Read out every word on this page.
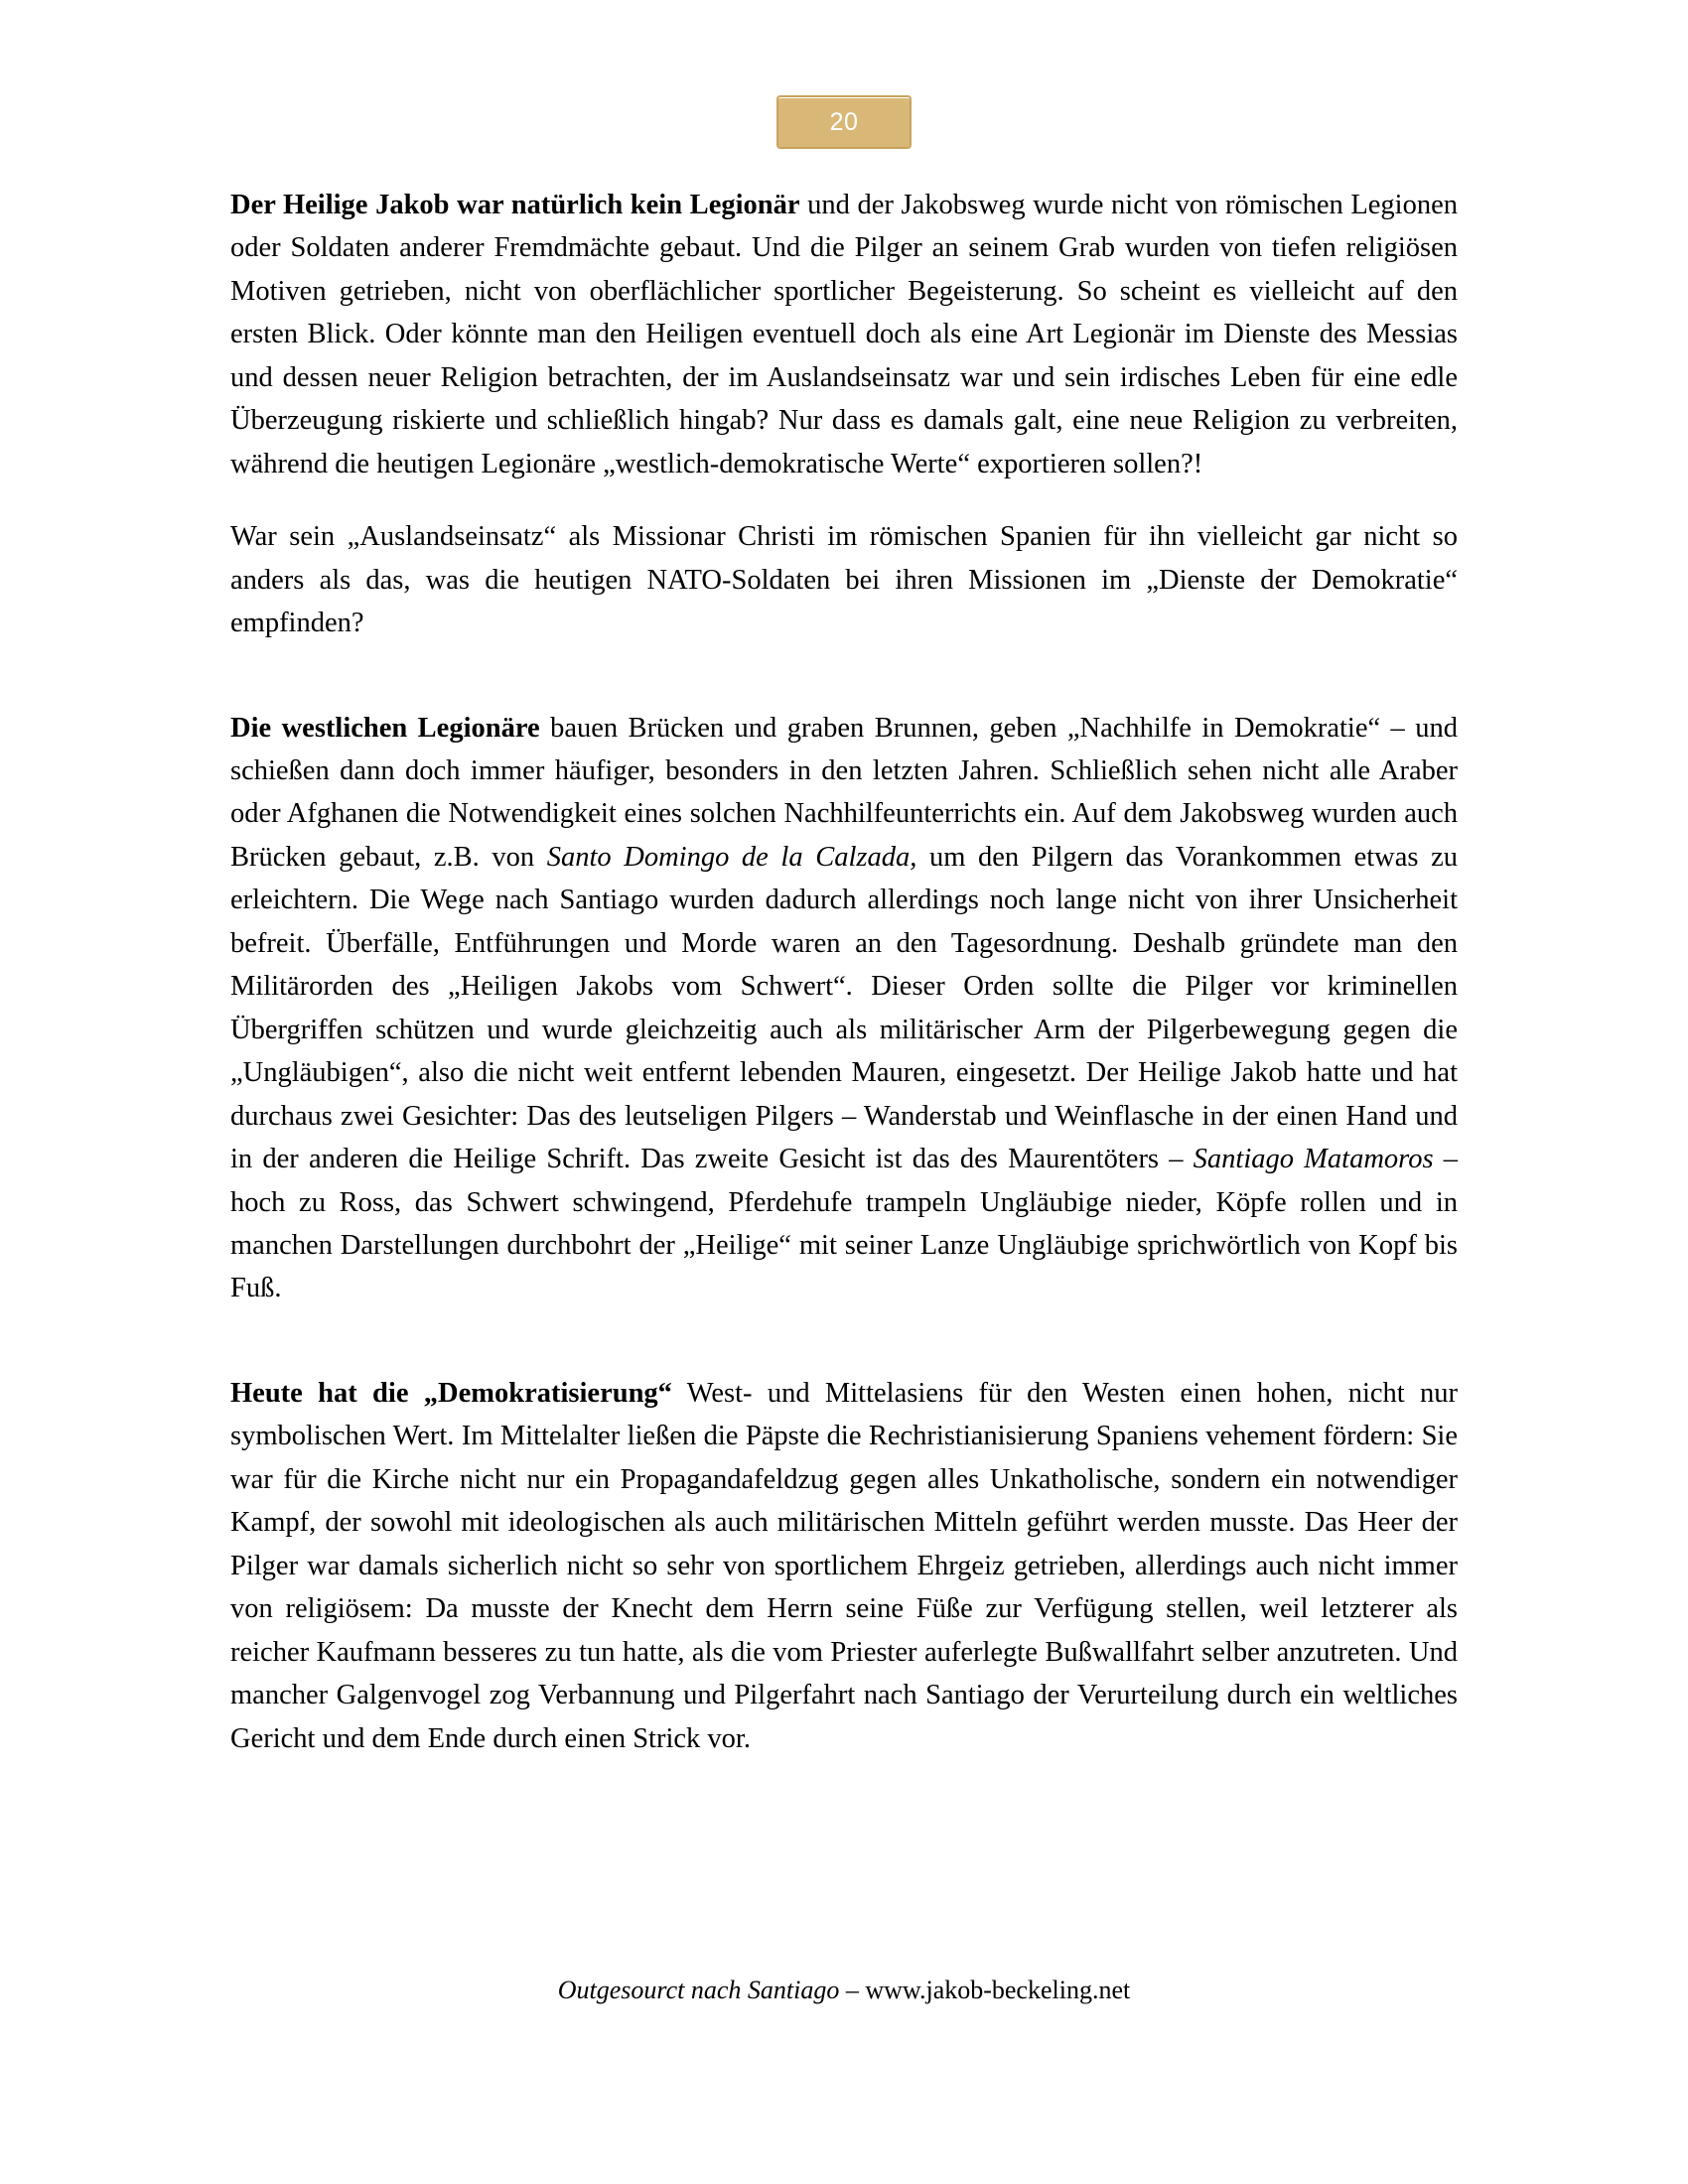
20

Der Heilige Jakob war natürlich kein Legionär und der Jakobsweg wurde nicht von römischen Legionen oder Soldaten anderer Fremdmächte gebaut. Und die Pilger an seinem Grab wurden von tiefen religiösen Motiven getrieben, nicht von oberflächlicher sportlicher Begeisterung. So scheint es vielleicht auf den ersten Blick. Oder könnte man den Heiligen eventuell doch als eine Art Legionär im Dienste des Messias und dessen neuer Religion betrachten, der im Auslandseinsatz war und sein irdisches Leben für eine edle Überzeugung riskierte und schließlich hingab? Nur dass es damals galt, eine neue Religion zu verbreiten, während die heutigen Legionäre „westlich-demokratische Werte“ exportieren sollen?!

War sein „Auslandseinsatz“ als Missionar Christi im römischen Spanien für ihn vielleicht gar nicht so anders als das, was die heutigen NATO-Soldaten bei ihren Missionen im „Dienste der Demokratie“ empfinden?

Die westlichen Legionäre bauen Brücken und graben Brunnen, geben „Nachhilfe in Demokratie“ – und schießen dann doch immer häufiger, besonders in den letzten Jahren. Schließlich sehen nicht alle Araber oder Afghanen die Notwendigkeit eines solchen Nachhilfeunterrichts ein. Auf dem Jakobsweg wurden auch Brücken gebaut, z.B. von Santo Domingo de la Calzada, um den Pilgern das Vorankommen etwas zu erleichtern. Die Wege nach Santiago wurden dadurch allerdings noch lange nicht von ihrer Unsicherheit befreit. Überfälle, Entführungen und Morde waren an den Tagesordnung. Deshalb gründete man den Militärorden des „Heiligen Jakobs vom Schwert“. Dieser Orden sollte die Pilger vor kriminellen Übergriffen schützen und wurde gleichzeitig auch als militärischer Arm der Pilgerbewegung gegen die „Ungläubigen“, also die nicht weit entfernt lebenden Mauren, eingesetzt. Der Heilige Jakob hatte und hat durchaus zwei Gesichter: Das des leutseligen Pilgers – Wanderstab und Weinflasche in der einen Hand und in der anderen die Heilige Schrift. Das zweite Gesicht ist das des Maurentöters – Santiago Matamoros – hoch zu Ross, das Schwert schwingend, Pferdehufe trampeln Ungläubige nieder, Köpfe rollen und in manchen Darstellungen durchbohrt der „Heilige“ mit seiner Lanze Ungläubige sprichwörtlich von Kopf bis Fuß.

Heute hat die „Demokratisierung“ West- und Mittelasiens für den Westen einen hohen, nicht nur symbolischen Wert. Im Mittelalter ließen die Päpste die Rechristianisierung Spaniens vehement fördern: Sie war für die Kirche nicht nur ein Propagandafeldzug gegen alles Unkatholische, sondern ein notwendiger Kampf, der sowohl mit ideologischen als auch militärischen Mitteln geführt werden musste. Das Heer der Pilger war damals sicherlich nicht so sehr von sportlichem Ehrgeiz getrieben, allerdings auch nicht immer von religiösem: Da musste der Knecht dem Herrn seine Füße zur Verfügung stellen, weil letzterer als reicher Kaufmann besseres zu tun hatte, als die vom Priester auferlegte Bußwallfahrt selber anzutreten. Und mancher Galgenvogel zog Verbannung und Pilgerfahrt nach Santiago der Verurteilung durch ein weltliches Gericht und dem Ende durch einen Strick vor.

Outgesourct nach Santiago – www.jakob-beckeling.net
